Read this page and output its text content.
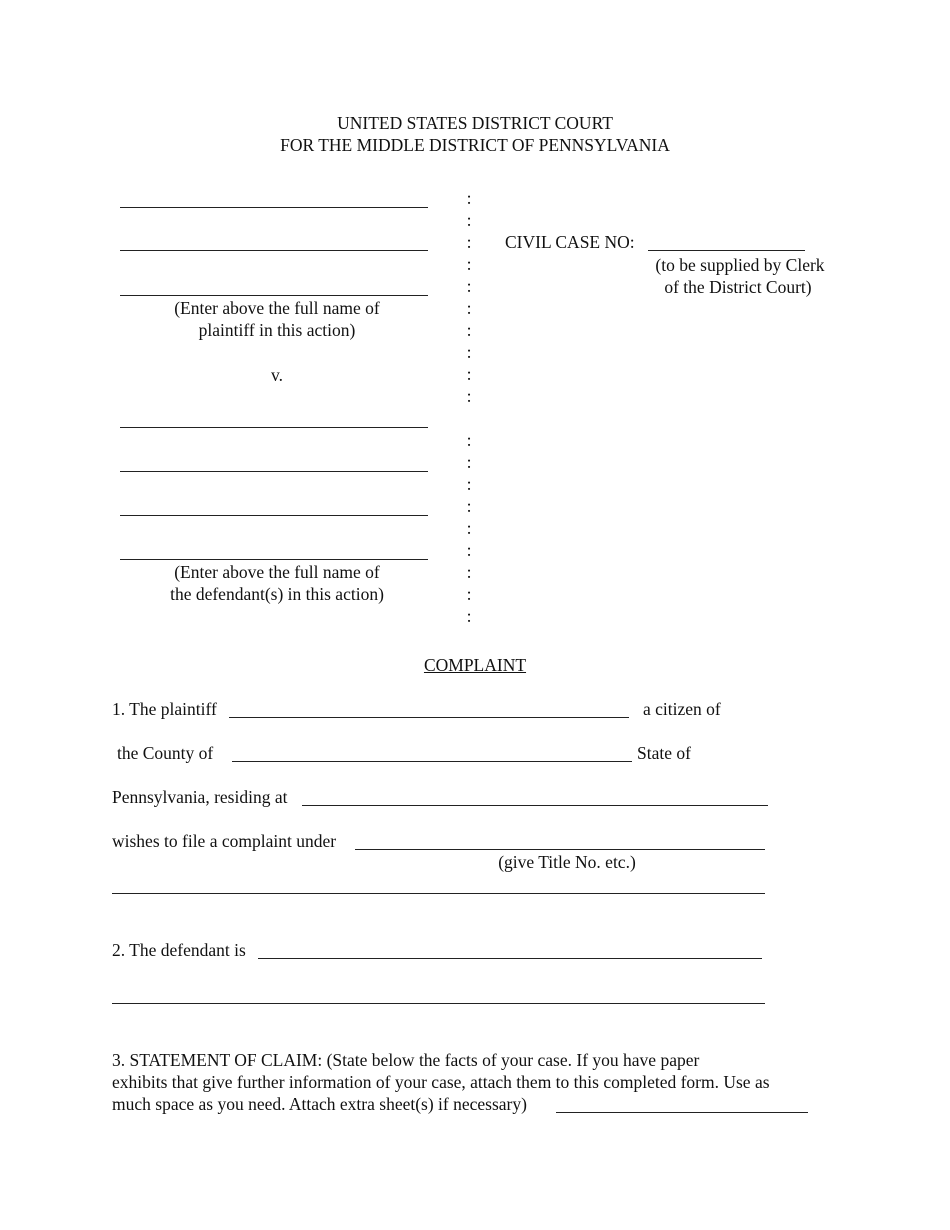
UNITED STATES DISTRICT COURT
FOR THE MIDDLE DISTRICT OF PENNSYLVANIA
(Enter above the full name of
plaintiff in this action)
v.
(Enter above the full name of
the defendant(s) in this action)
:
:
:
:
:
:
:
:
:
:
:
:
:
:
:
:
:
:
:
CIVIL CASE NO:
(to be supplied by Clerk
of the District Court)
COMPLAINT
1. The plaintiff	a citizen of
the County of	State of
Pennsylvania, residing at
wishes to file a complaint under
(give Title No. etc.)
2. The defendant is
3. STATEMENT OF CLAIM: (State below the facts of your case. If you have paper
exhibits that give further information of your case, attach them to this completed form. Use as
much space as you need. Attach extra sheet(s) if necessary)
